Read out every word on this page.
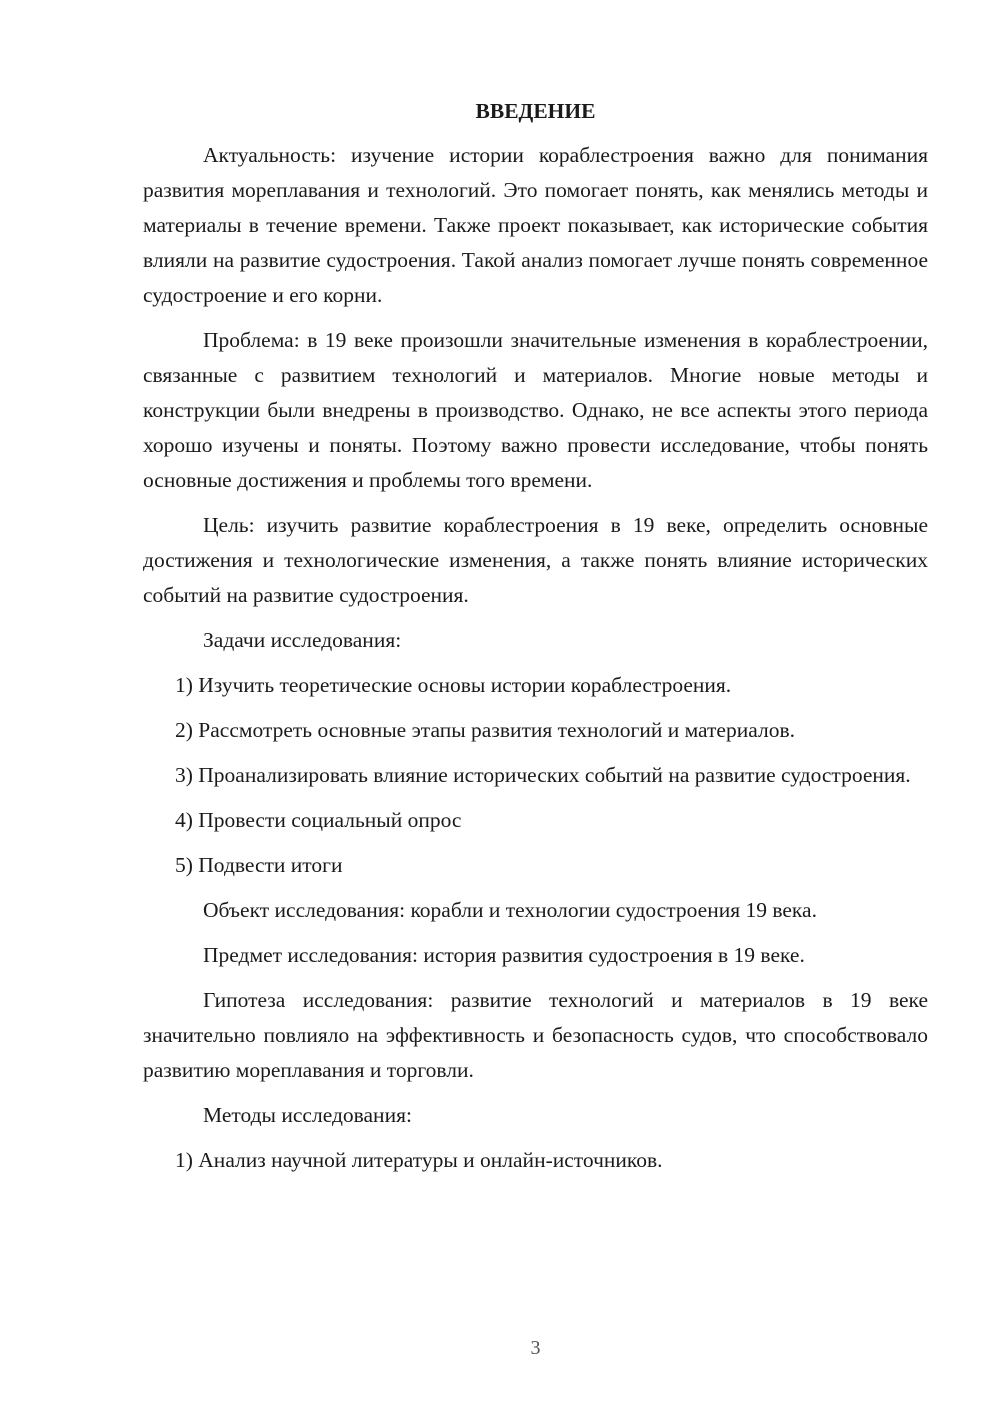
ВВЕДЕНИЕ

Актуальность: изучение истории кораблестроения важно для понимания развития мореплавания и технологий. Это помогает понять, как менялись методы и материалы в течение времени. Также проект показывает, как исторические события влияли на развитие судостроения. Такой анализ помогает лучше понять современное судостроение и его корни.

Проблема: в 19 веке произошли значительные изменения в кораблестроении, связанные с развитием технологий и материалов. Многие новые методы и конструкции были внедрены в производство. Однако, не все аспекты этого периода хорошо изучены и поняты. Поэтому важно провести исследование, чтобы понять основные достижения и проблемы того времени.

Цель: изучить развитие кораблестроения в 19 веке, определить основные достижения и технологические изменения, а также понять влияние исторических событий на развитие судостроения.

Задачи исследования:

1) Изучить теоретические основы истории кораблестроения.

2) Рассмотреть основные этапы развития технологий и материалов.

3) Проанализировать влияние исторических событий на развитие судостроения.

4) Провести социальный опрос

5) Подвести итоги

Объект исследования: корабли и технологии судостроения 19 века.

Предмет исследования: история развития судостроения в 19 веке.

Гипотеза исследования: развитие технологий и материалов в 19 веке значительно повлияло на эффективность и безопасность судов, что способствовало развитию мореплавания и торговли.

Методы исследования:

1) Анализ научной литературы и онлайн-источников.

3
